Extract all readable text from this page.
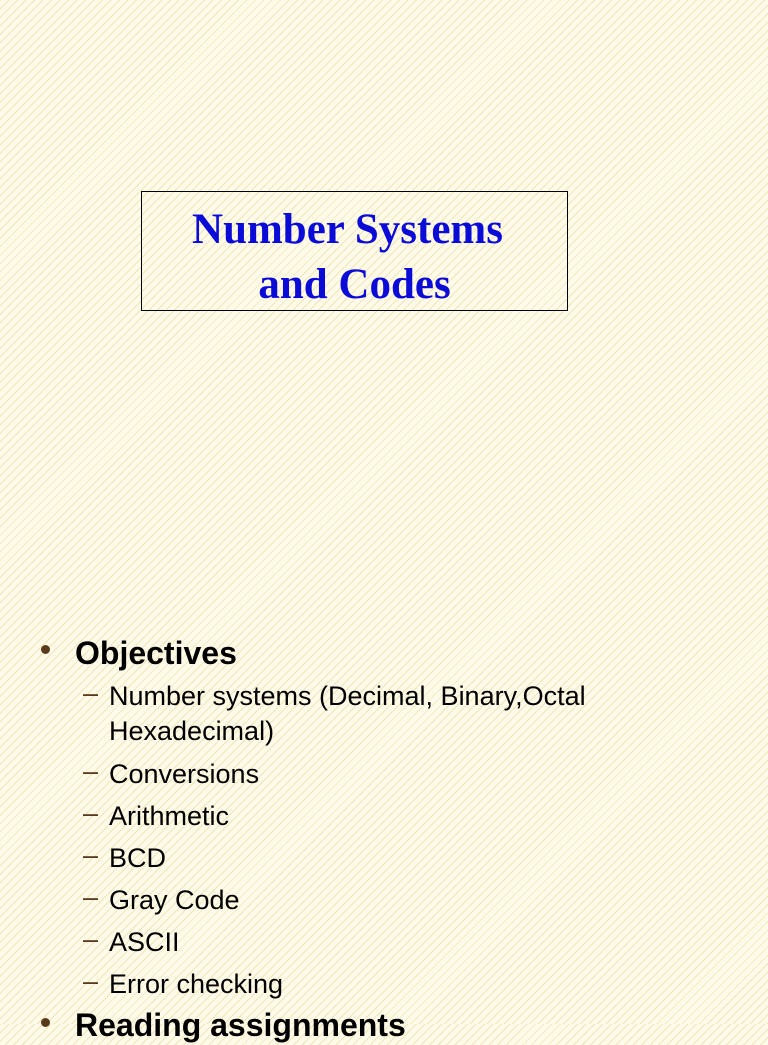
Number Systems
and Codes
Objectives
– Number systems (Decimal, Binary,Octal Hexadecimal)
– Conversions
– Arithmetic
– BCD
– Gray Code
– ASCII
– Error checking
Reading assignments
